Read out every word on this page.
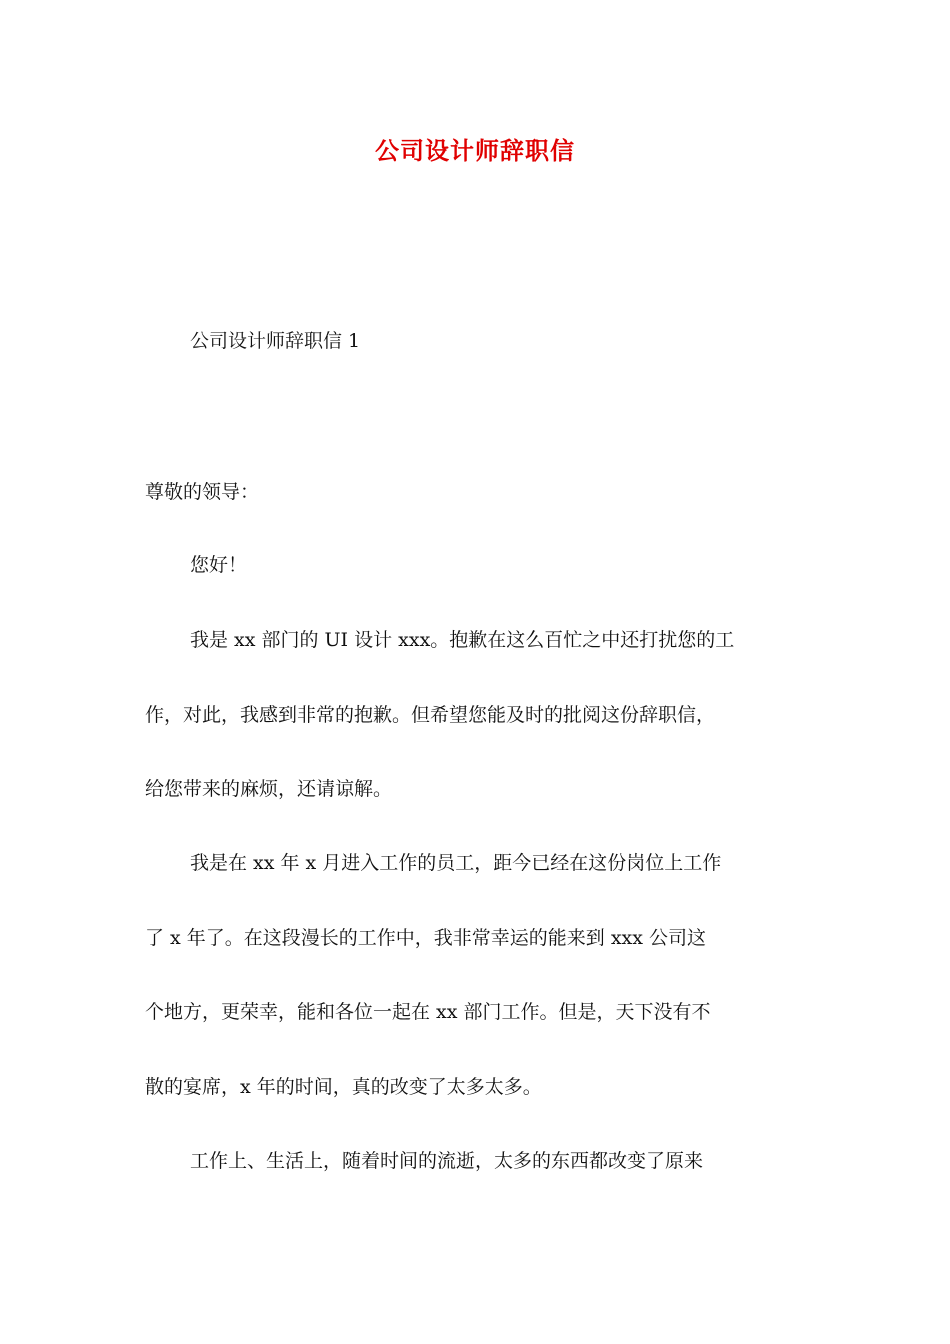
公司设计师辞职信
公司设计师辞职信 1
尊敬的领导：
您好！
我是 xx 部门的 UI 设计 xxx。抱歉在这么百忙之中还打扰您的工
作，对此，我感到非常的抱歉。但希望您能及时的批阅这份辞职信，
给您带来的麻烦，还请谅解。
我是在 xx 年 x 月进入工作的员工，距今已经在这份岗位上工作
了 x 年了。在这段漫长的工作中，我非常幸运的能来到 xxx 公司这
个地方，更荣幸，能和各位一起在 xx 部门工作。但是，天下没有不
散的宴席，x 年的时间，真的改变了太多太多。
工作上、生活上，随着时间的流逝，太多的东西都改变了原来
